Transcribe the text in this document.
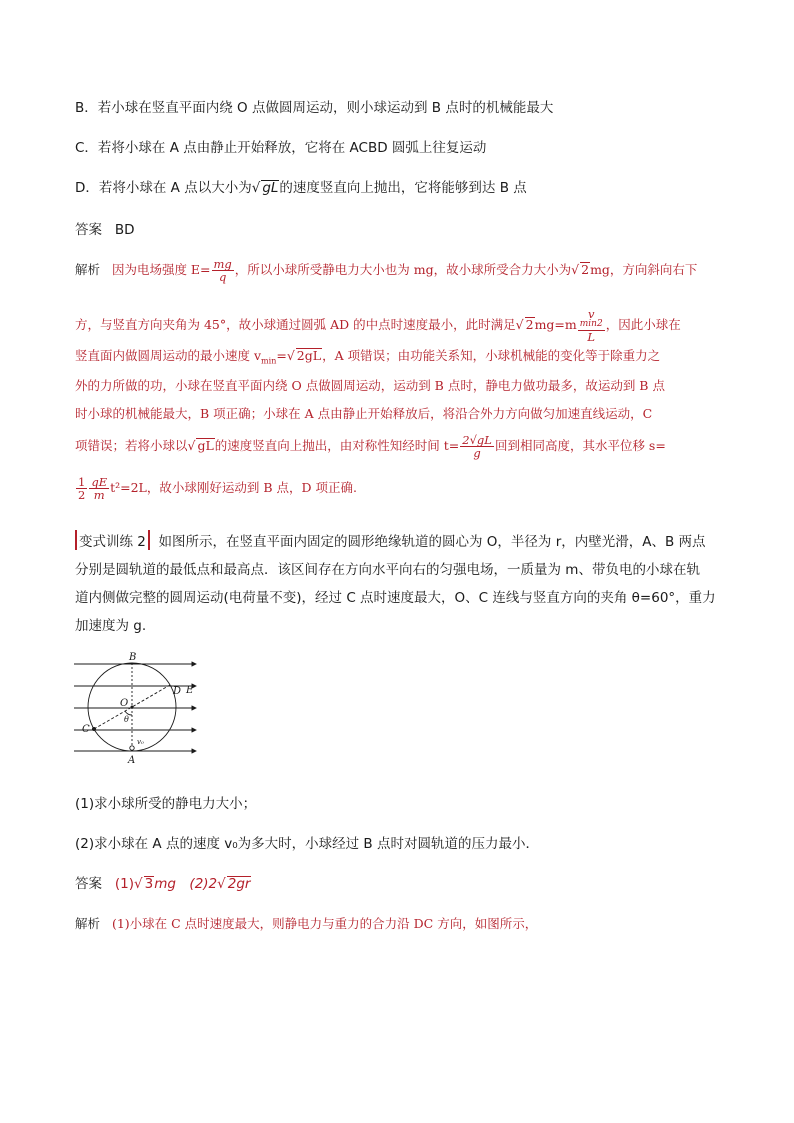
B．若小球在竖直平面内绕 O 点做圆周运动，则小球运动到 B 点时的机械能最大
C．若将小球在 A 点由静止开始释放，它将在 ACBD 圆弧上往复运动
D．若将小球在 A 点以大小为√ gL的速度竖直向上抛出，它将能够到达 B 点
答案 BD
解析 因为电场强度 $E= \frac{mg}{q}$ ，所以小球所受静电力大小也为 mg，故小球所受合力大小为√ 2mg，方向斜向右下
方，与竖直方向夹角为 45°，故小球通过圆弧 AD 的中点时速度最小，此时满足√ 2mg=m v
min2
L ，因此小球在
竖直面内做圆周运动的最小速度 $v_{min}=√$ 2gL，A 项错误；由功能关系知，小球机械能的变化等于除重力之
外的力所做的功，小球在竖直平面内绕 O 点做圆周运动，运动到 B 点时，静电力做功最多，故运动到 B 点
时小球的机械能最大，B 项正确；小球在 A 点由静止开始释放后，将沿合外力方向做匀加速直线运动，C
项错误；若将小球以√ gL的速度竖直向上抛出，由对称性知经时间 $t= \frac{2√gL}{g}$ 回到相同高度，其水平位移 s=
$\frac{1}{2} \frac{qE}{m} t^2=2L$，故小球刚好运动到 B 点，D 项正确.
变式训练 2 如图所示，在竖直平面内固定的圆形绝缘轨道的圆心为 O，半径为 r，内壁光滑，A、B 两点
分别是圆轨道的最低点和最高点．该区间存在方向水平向右的匀强电场，一质量为 m、带负电的小球在轨
道内侧做完整的圆周运动(电荷量不变)，经过 C 点时速度最大，O、C 连线与竖直方向的夹角 θ=60°，重力
加速度为 g.
B
A
O
C
D E
θ
v₀
(1)求小球所受的静电力大小；
(2)求小球在 A 点的速度 v₀为多大时，小球经过 B 点时对圆轨道的压力最小．
答案 (1)√ 3mg　(2)2√ 2gr
解析 (1)小球在 C 点时速度最大，则静电力与重力的合力沿 DC 方向，如图所示，
